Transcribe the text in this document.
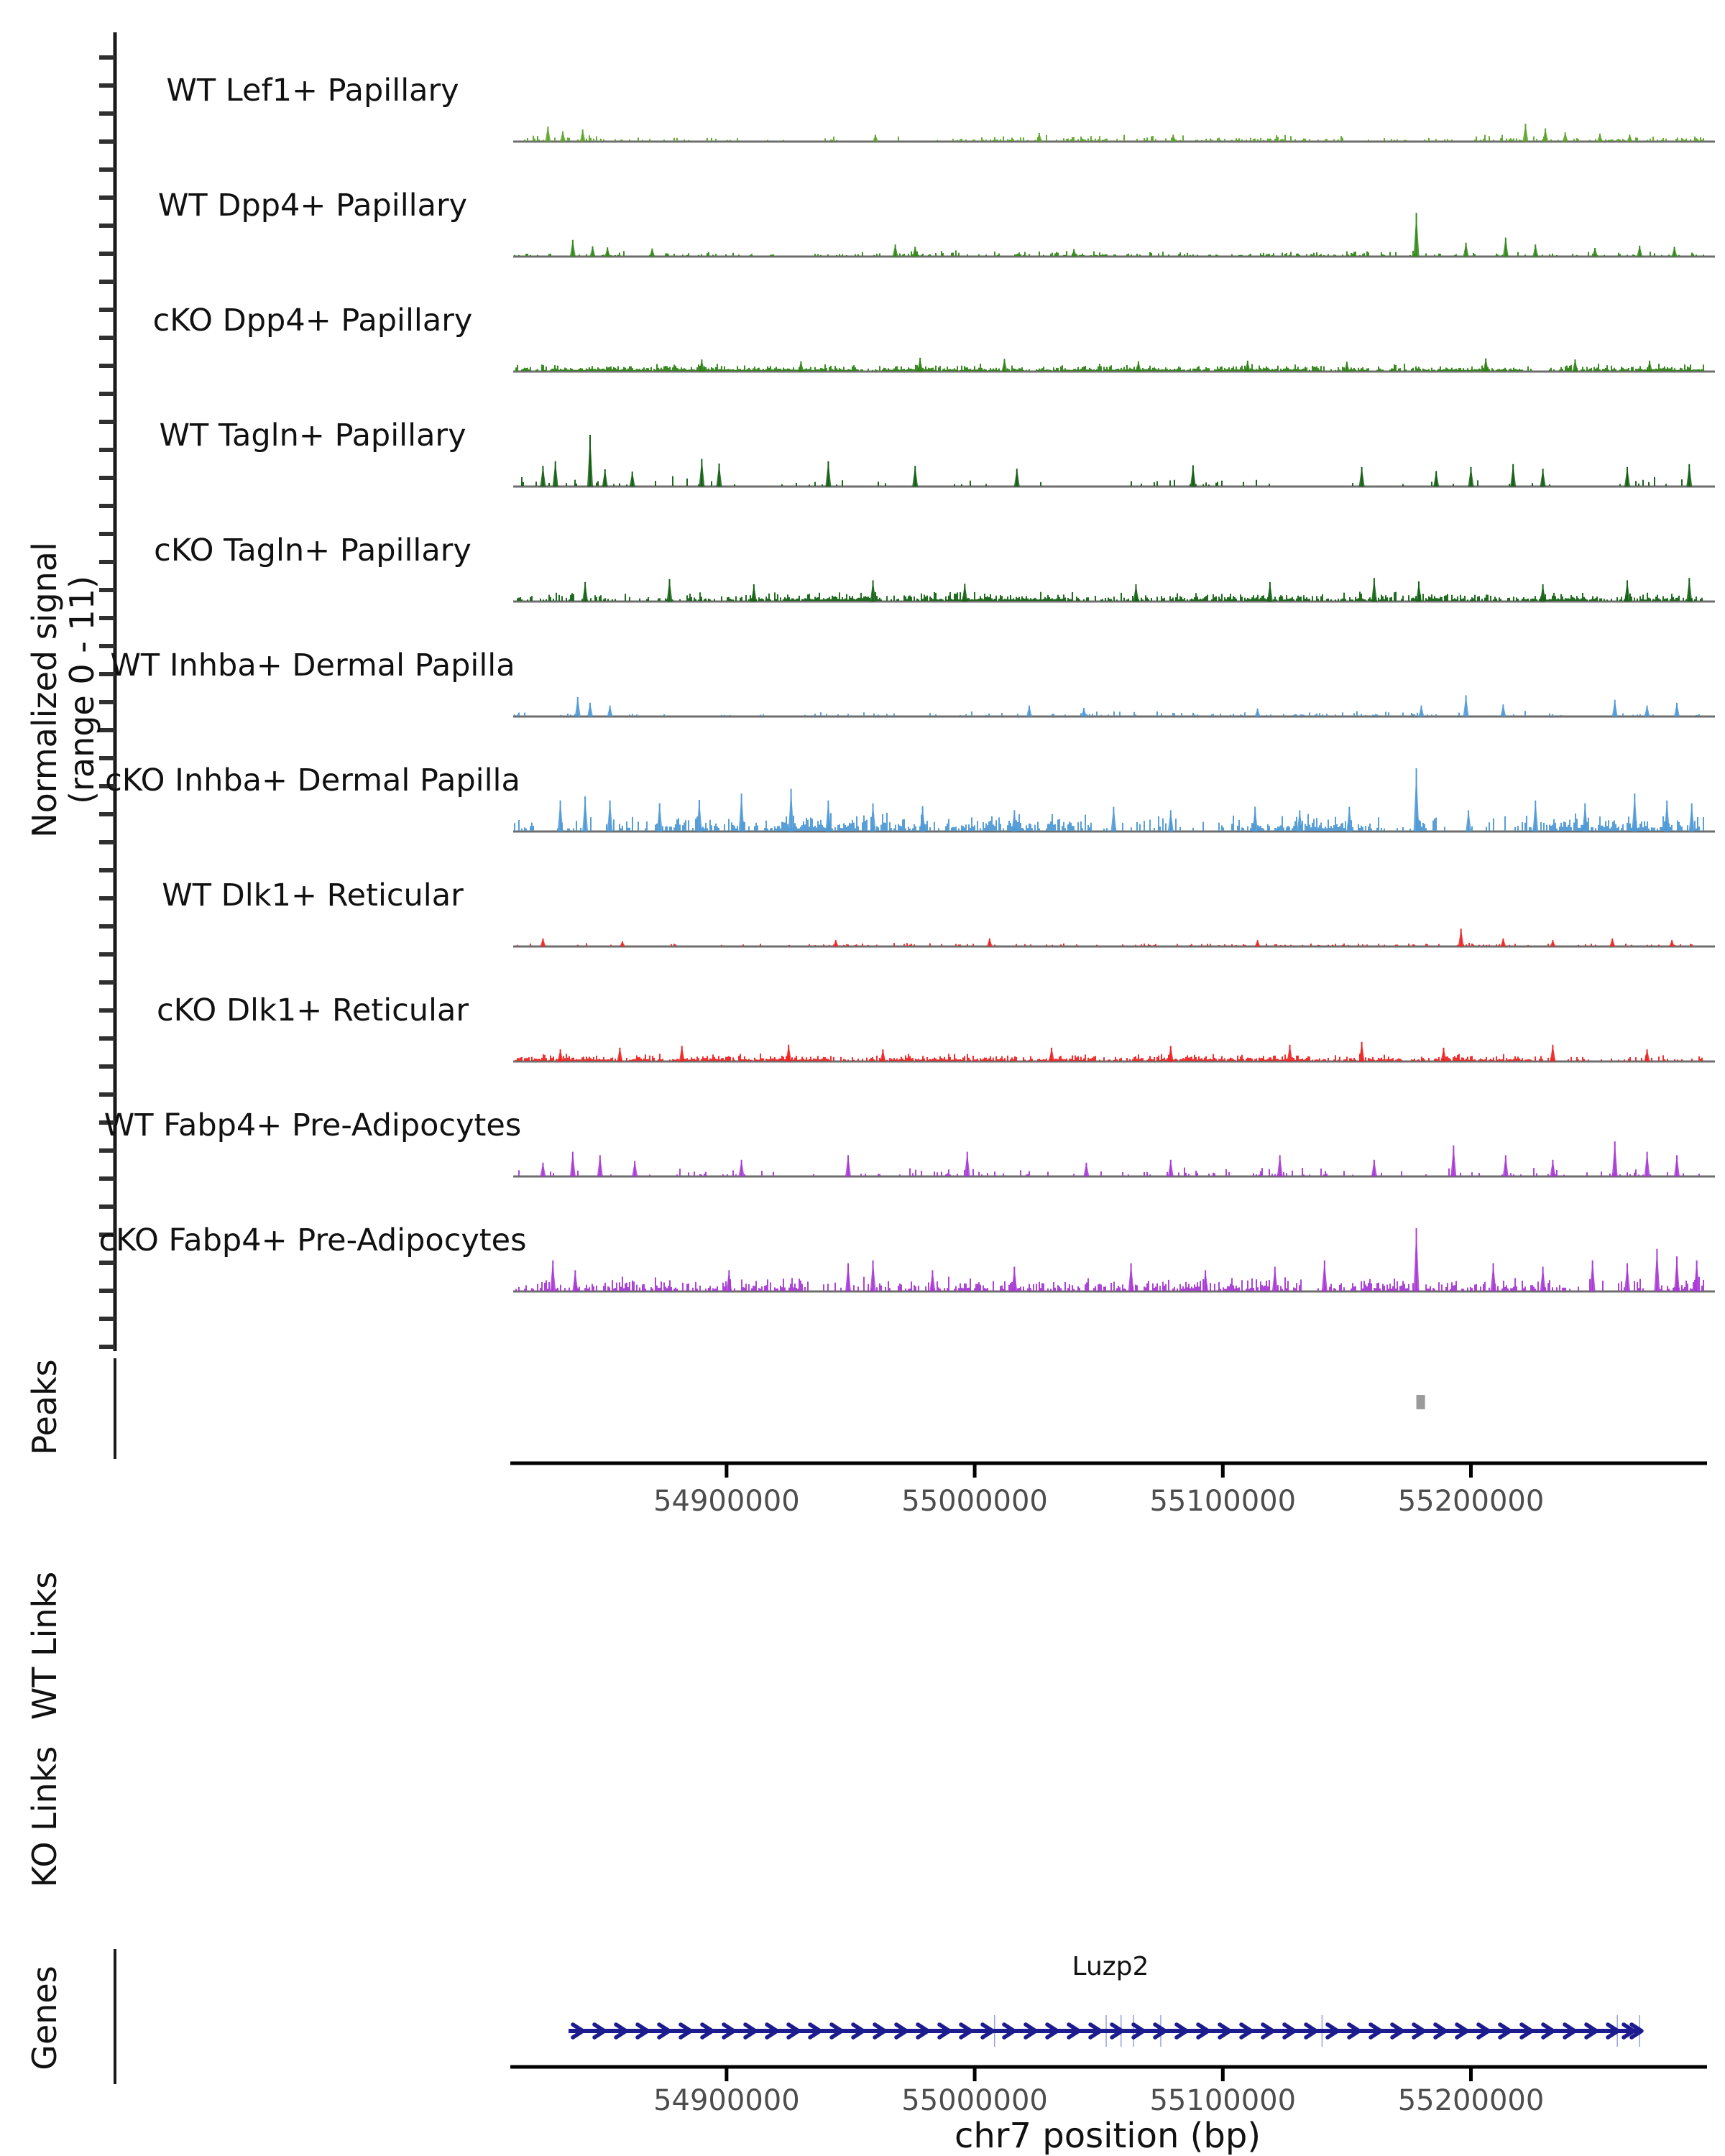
54900000	55000000	55100000	55200000
Luzp2
54900000	55000000	55100000	55200000
Normalized signal
(range 0 - 11)
Peaks
WT Links
KO Links
Genes
WT Lef1+ Papillary
WT Dpp4+ Papillary
cKO Dpp4+ Papillary
WT Tagln+ Papillary
cKO Tagln+ Papillary
WT Inhba+ Dermal Papilla
cKO Inhba+ Dermal Papilla
WT Dlk1+ Reticular
cKO Dlk1+ Reticular
WT Fabp4+ Pre-Adipocytes
cKO Fabp4+ Pre-Adipocytes
chr7 position (bp)
